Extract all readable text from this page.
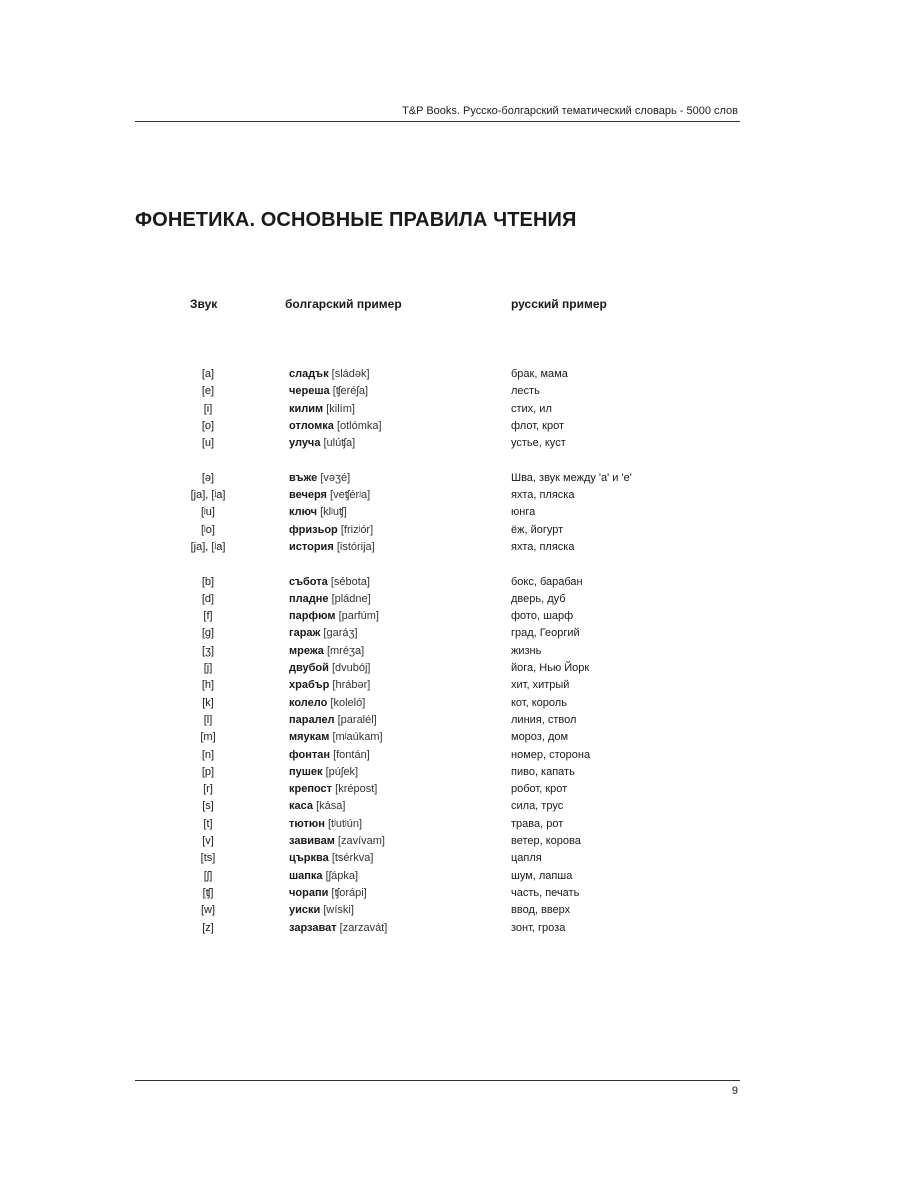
T&P Books. Русско-болгарский тематический словарь - 5000 слов
ФОНЕТИКА. ОСНОВНЫЕ ПРАВИЛА ЧТЕНИЯ
Звук	болгарский пример	русский пример
[a]	сладък [sládək]	брак, мама
[e]	череша [ʧeréʃa]	лесть
[i]	килим [kilím]	стих, ил
[o]	отломка [otlómka]	флот, крот
[u]	улуча [ulúʧa]	устье, куст
[ə]	въже [vəʒé]	Шва, звук между 'а' и 'е'
[ja], [ʲa]	вечеря [veʧérʲa]	яхта, пляска
[ʲu]	ключ [klʲuʧ]	юнга
[ʲo]	фризьор [frizʲór]	ёж, йогурт
[ja], [ʲa]	история [istórija]	яхта, пляска
[b]	събота [sébota]	бокс, барабан
[d]	пладне [pládne]	дверь, дуб
[f]	парфюм [parfúm]	фото, шарф
[g]	гараж [garáʒ]	град, Георгий
[ʒ]	мрежа [mréʒa]	жизнь
[j]	двубой [dvubój]	йога, Нью Йорк
[h]	храбър [hrábər]	хит, хитрый
[k]	колело [koleló]	кот, король
[l]	паралел [paralél]	линия, ствол
[m]	мяукам [mʲaúkam]	мороз, дом
[n]	фонтан [fontán]	номер, сторона
[p]	пушек [púʃek]	пиво, капать
[r]	крепост [krépost]	робот, крот
[s]	каса [kása]	сила, трус
[t]	тютюн [tʲutʲún]	трава, рот
[v]	завивам [zavívam]	ветер, корова
[ts]	църква [tsérkva]	цапля
[ʃ]	шапка [ʃápka]	шум, лапша
[ʧ]	чорапи [ʧorápi]	часть, печать
[w]	уиски [wíski]	ввод, вверх
[z]	зарзават [zarzavát]	зонт, гроза
9
